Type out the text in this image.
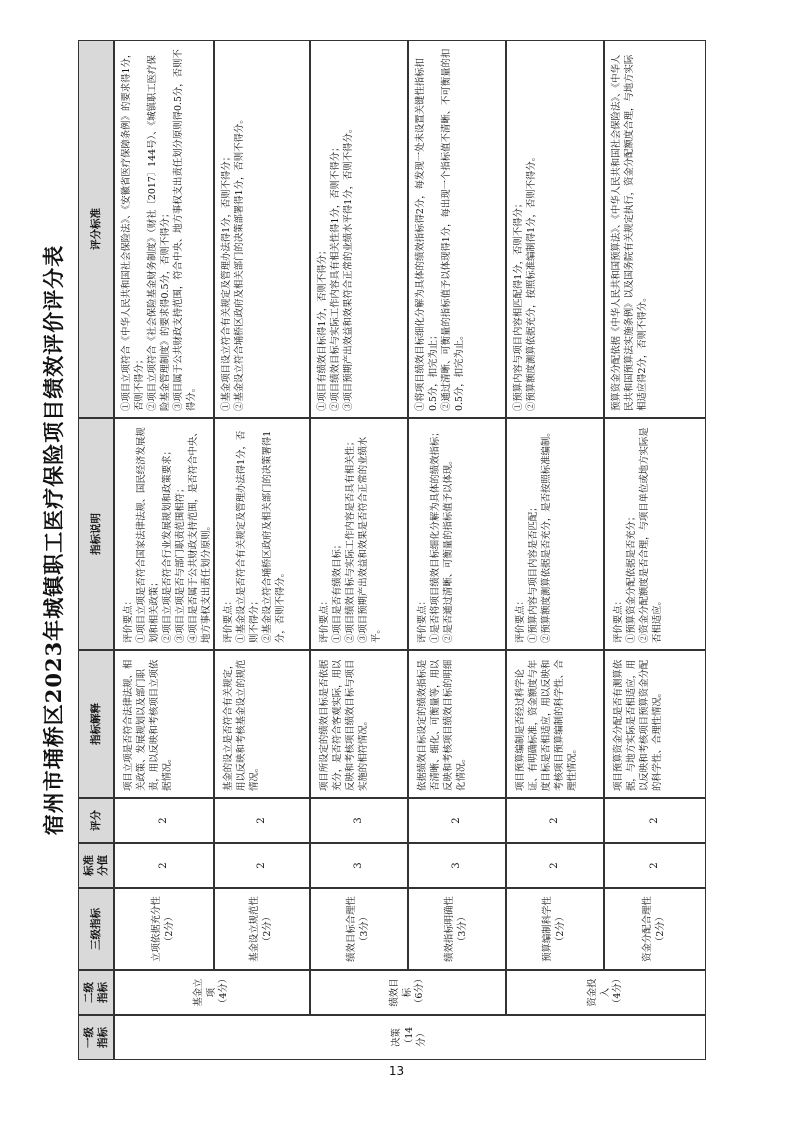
宿州市埇桥区2023年城镇职工医疗保险项目绩效评价评分表
一级指标
二级指标
三级指标
标准分值
评分
指标解释
指标说明
评分标准
决策 （14分）
基金立项 （4分）	绩效目标 （6分）	资金投入 （4分）
立项依据充分性（2分）
2
2
项目立项是否符合法律法规、相关政策、发展规划以及部门职责，用以反映和考核项目立项依据情况。
评价要点： ①项目立项是否符合国家法律法规、国民经济发展规划和相关政策； ②项目立项是否符合行业发展规划和政策要求； ③项目立项是否与部门职责范围相符； ④项目是否属于公共财政支持范围，是否符合中央、地方事权支出责任划分原则。
①项目立项符合《中华人民共和国社会保险法》、《安徽省医疗保障条例》的要求得1分，否则不得分； ②项目立项符合《社会保险基金财务制度》（财社〔2017〕144号）、《城镇职工医疗保险基金管理制度》的要求得0.5分，否则不得分； ③项目属于公共财政支持范围，符合中央、地方事权支出责任划分原则得0.5分，否则不得分。
基金设立规范性（2分）
2
2
基金的设立是否符合有关规定，用以反映和考核基金设立的规范情况。
评价要点： ①基金设立是否符合有关规定及管理办法得1分，否则不得分； ②基金设立符合埇桥区政府及相关部门的决策署得1分，否则不得分。
①基金项目设立符合有关规定及管理办法得1分，否则不得分； ②基金设立符合埇桥区政府及相关部门的决策部署得1分，否则不得分。
绩效目标合理性（3分）
3
3
项目所设定的绩效目标是否依据充分，是否符合客观实际，用以反映和考核项目绩效目标与项目实施的相符情况。
评价要点： ①项目是否有绩效目标； ②项目绩效目标与实际工作内容是否具有相关性； ③项目预期产出效益和效果是否符合正常的业绩水平。
①项目有绩效目标得1分，否则不得分； ②项目绩效目标与实际工作内容具有相关性得1分，否则不得分； ③项目预期产出效益和效果符合正常的业绩水平得1分，否则不得分。
绩效指标明确性（3分）
3
2
依据绩效目标设定的绩效指标是否清晰、细化、可衡量等，用以反映和考核项目绩效目标的明细化情况。
评价要点： ①是否将项目绩效目标细化分解为具体的绩效指标； ②是否通过清晰、可衡量的指标值予以体现。
①将项目绩效目标细化分解为具体的绩效指标得2分，每发现一处未设置关键性指标扣0.5分，扣完为止； ②通过清晰、可衡量的指标值予以体现得1分，每出现一个指标值不清晰、不可衡量的扣0.5分，扣完为止。
预算编制科学性（2分）
2
2
项目预算编制是否经过科学论证、有明确标准，资金额度与年度目标是否相适应，用以反映和考核项目预算编制的科学性、合理性情况。
评价要点： ①预算内容与项目内容是否匹配； ②预算额度测算依据是否充分，是否按照标准编制。
①预算内容与项目内容相匹配得1分，否则不得分； ②预算额度测算依据充分，按照标准编制得1分，否则不得分。
资金分配合理性（2分）
2
2
项目预算资金分配是否有测算依据，与地方实际是否相适应，用以反映和考核项目预算资金分配的科学性、合理性情况。
评价要点： ①预算资金分配依据是否充分； ②资金分配额度是否合理，与项目单位或地方实际是否相适应。
预算资金分配依据《中华人民共和国预算法》、《中华人民共和国社会保险法》、《中华人民共和国预算法实施条例》以及国务院有关规定执行，资金分配额度合理，与地方实际相适应得2分，否则不得分。
13
